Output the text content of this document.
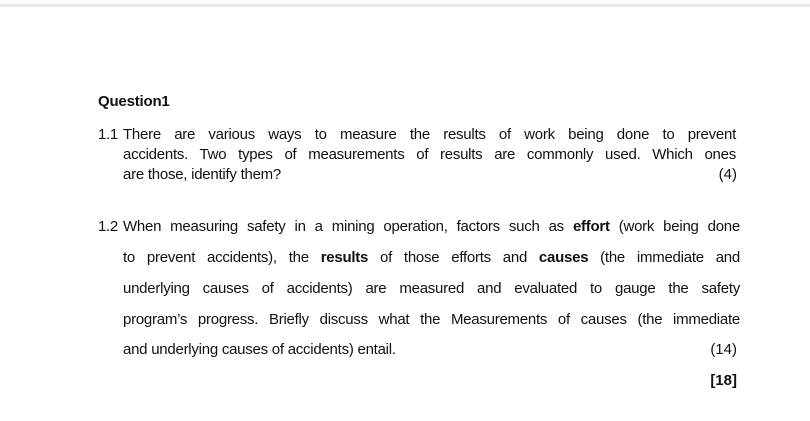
Question1
1.1 There are various ways to measure the results of work being done to prevent
accidents. Two types of measurements of results are commonly used. Which ones
are those, identify them?	(4)
1.2 When measuring safety in a mining operation, factors such as effort (work being done
to prevent accidents), the results of those efforts and causes (the immediate and
underlying causes of accidents) are measured and evaluated to gauge the safety
program’s progress. Briefly discuss what the Measurements of causes (the immediate
and underlying causes of accidents) entail.	(14)
[18]
